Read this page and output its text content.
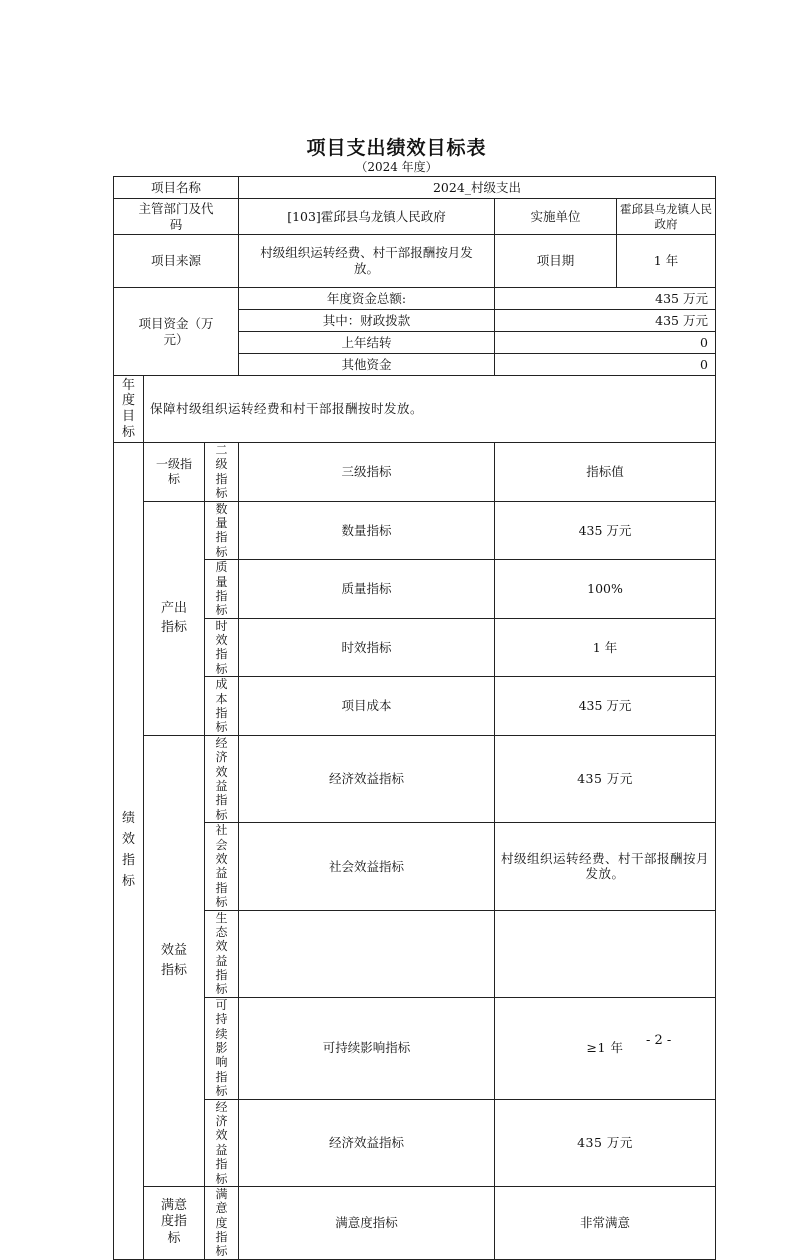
项目支出绩效目标表
（2024 年度）
项目名称			2024_村级支出		
主管部门及代码			[103]霍邱县乌龙镇人民政府	实施单位	霍邱县乌龙镇人民政府
项目来源			村级组织运转经费、村干部报酬按月发放。	项目期	1 年
项目资金（万元）			年度资金总额:	435 万元	
			其中：财政拨款	435 万元	
			上年结转	0	
			其他资金	0	
年度目标	保障村级组织运转经费和村干部报酬按时发放。				
绩效指标	一级指标	二级指标	三级指标	指标值	
	产出指标	数量指标	数量指标	435 万元	
		质量指标	质量指标	100%	
		时效指标	时效指标	1 年	
		成本指标	项目成本	435 万元	
	效益指标	经济效益指标	经济效益指标	435 万元	
		社会效益指标	社会效益指标	村级组织运转经费、村干部报酬按月发放。	
		生态效益指标			
		可持续影响指标	可持续影响指标	≥1 年	
		经济效益指标	经济效益指标	435 万元	
	满意度指标	满意度指标	满意度指标	非常满意	
- 2 -
